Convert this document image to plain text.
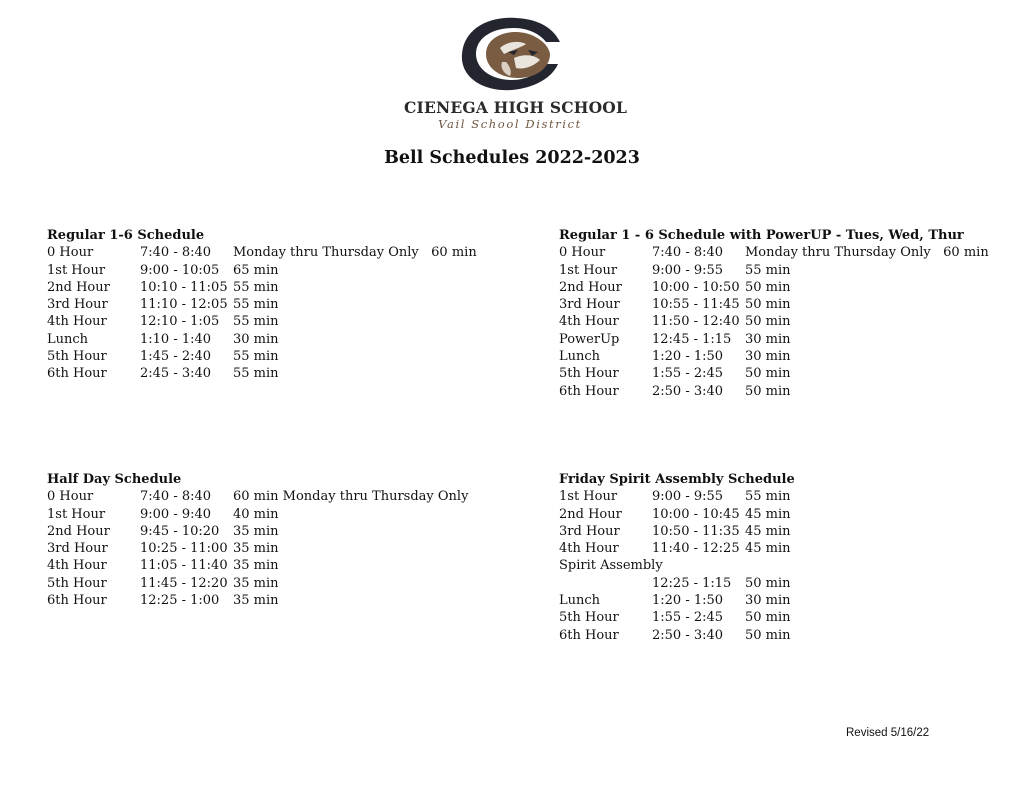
CIENEGA HIGH SCHOOL
Vail School District
Bell Schedules 2022-2023
Regular 1-6 Schedule
0 Hour	7:40 - 8:40 Monday thru Thursday Only   60 min
1st Hour	9:00 - 10:05 65 min
2nd Hour 10:10 - 11:05 55 min
3rd Hour 11:10 - 12:05 55 min
4th Hour	12:10 - 1:05 55 min
Lunch	1:10 - 1:40 30 min
5th Hour	1:45 - 2:40 55 min
6th Hour	2:45 - 3:40 55 min
Regular 1 - 6 Schedule with PowerUP - Tues, Wed, Thur
0 Hour	7:40 - 8:40 Monday thru Thursday Only   60 min
1st Hour	9:00 - 9:55 55 min
2nd Hour 10:00 - 10:50 50 min
3rd Hour 10:55 - 11:45 50 min
4th Hour	11:50 - 12:40 50 min
PowerUp	12:45 - 1:15 30 min
Lunch	1:20 - 1:50 30 min
5th Hour	1:55 - 2:45 50 min
6th Hour	2:50 - 3:40 50 min
Half Day Schedule
0 Hour	7:40 - 8:40 60 min Monday thru Thursday Only
1st Hour	9:00 - 9:40 40 min
2nd Hour 9:45 - 10:20 35 min
3rd Hour 10:25 - 11:00 35 min
4th Hour	11:05 - 11:40 35 min
5th Hour	11:45 - 12:20 35 min
6th Hour	12:25 - 1:00 35 min
Friday Spirit Assembly Schedule
1st Hour	9:00 - 9:55 55 min
2nd Hour 10:00 - 10:45 45 min
3rd Hour 10:50 - 11:35 45 min
4th Hour	11:40 - 12:25 45 min
Spirit Assembly
12:25 - 1:15 50 min
Lunch	1:20 - 1:50 30 min
5th Hour	1:55 - 2:45 50 min
6th Hour	2:50 - 3:40 50 min
Revised 5/16/22
